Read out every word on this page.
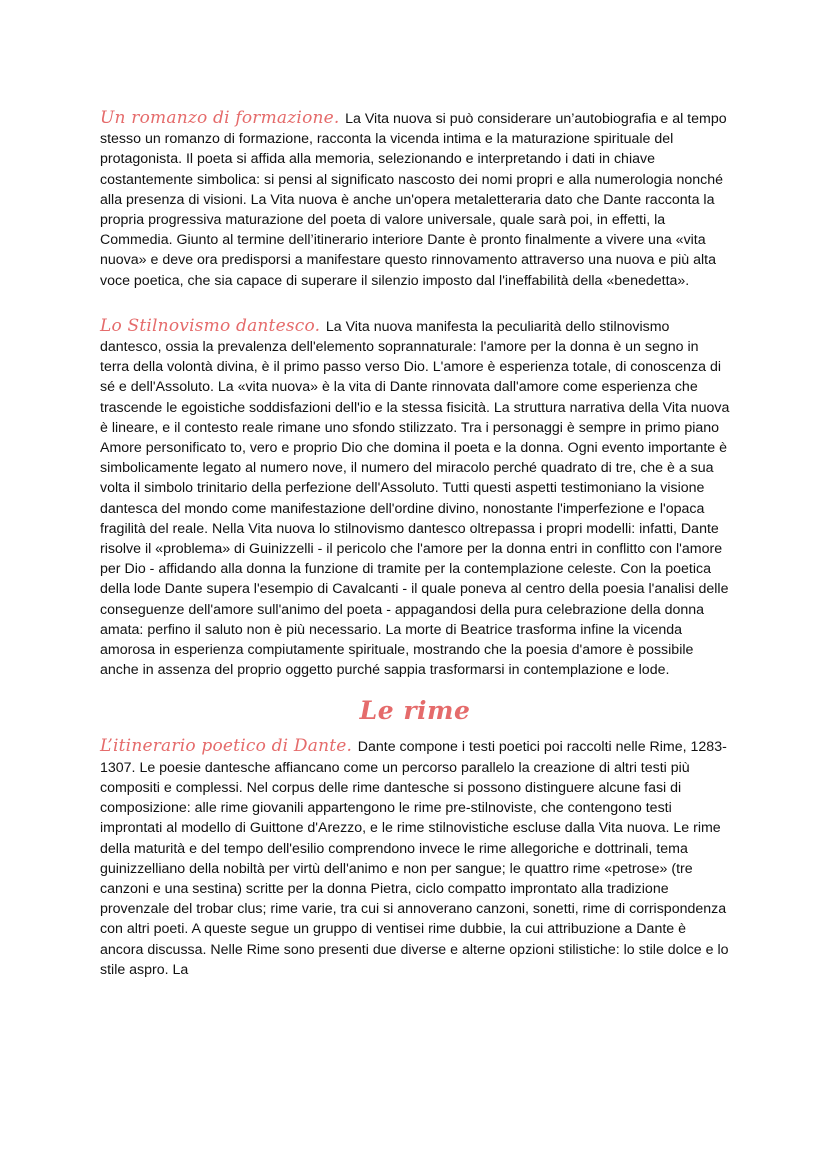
Un romanzo di formazione. La Vita nuova si può considerare un’autobiografia e al tempo stesso un romanzo di formazione, racconta la vicenda intima e la maturazione spirituale del protagonista. Il poeta si affida alla memoria, selezionando e interpretando i dati in chiave costantemente simbolica: si pensi al significato nascosto dei nomi propri e alla numerologia nonché alla presenza di visioni. La Vita nuova è anche un'opera metaletteraria dato che Dante racconta la propria progressiva maturazione del poeta di valore universale, quale sarà poi, in effetti, la Commedia. Giunto al termine dell’itinerario interiore Dante è pronto finalmente a vivere una «vita nuova» e deve ora predisporsi a manifestare questo rinnovamento attraverso una nuova e più alta voce poetica, che sia capace di superare il silenzio imposto dal l'ineffabilità della «benedetta».

Lo Stilnovismo dantesco. La Vita nuova manifesta la peculiarità dello stilnovismo dantesco, ossia la prevalenza dell'elemento soprannaturale: l'amore per la donna è un segno in terra della volontà divina, è il primo passo verso Dio. L'amore è esperienza totale, di conoscenza di sé e dell'Assoluto. La «vita nuova» è la vita di Dante rinnovata dall'amore come esperienza che trascende le egoistiche soddisfazioni dell'io e la stessa fisicità. La struttura narrativa della Vita nuova è lineare, e il contesto reale rimane uno sfondo stilizzato. Tra i personaggi è sempre in primo piano Amore personificato to, vero e proprio Dio che domina il poeta e la donna. Ogni evento importante è simbolicamente legato al numero nove, il numero del miracolo perché quadrato di tre, che è a sua volta il simbolo trinitario della perfezione dell'Assoluto. Tutti questi aspetti testimoniano la visione dantesca del mondo come manifestazione dell'ordine divino, nonostante l'imperfezione e l'opaca fragilità del reale. Nella Vita nuova lo stilnovismo dantesco oltrepassa i propri modelli: infatti, Dante risolve il «problema» di Guinizzelli - il pericolo che l'amore per la donna entri in conflitto con l'amore per Dio - affidando alla donna la funzione di tramite per la contemplazione celeste. Con la poetica della lode Dante supera l'esempio di Cavalcanti - il quale poneva al centro della poesia l'analisi delle conseguenze dell'amore sull'animo del poeta - appagandosi della pura celebrazione della donna amata: perfino il saluto non è più necessario. La morte di Beatrice trasforma infine la vicenda amorosa in esperienza compiutamente spirituale, mostrando che la poesia d'amore è possibile anche in assenza del proprio oggetto purché sappia trasformarsi in contemplazione e lode.

Le rime

L’itinerario poetico di Dante. Dante compone i testi poetici poi raccolti nelle Rime, 1283-1307. Le poesie dantesche affiancano come un percorso parallelo la creazione di altri testi più compositi e complessi. Nel corpus delle rime dantesche si possono distinguere alcune fasi di composizione: alle rime giovanili appartengono le rime pre-stilnoviste, che contengono testi improntati al modello di Guittone d'Arezzo, e le rime stilnovistiche escluse dalla Vita nuova. Le rime della maturità e del tempo dell'esilio comprendono invece le rime allegoriche e dottrinali, tema guinizzelliano della nobiltà per virtù dell'animo e non per sangue; le quattro rime «petrose» (tre canzoni e una sestina) scritte per la donna Pietra, ciclo compatto improntato alla tradizione provenzale del trobar clus; rime varie, tra cui si annoverano canzoni, sonetti, rime di corrispondenza con altri poeti. A queste segue un gruppo di ventisei rime dubbie, la cui attribuzione a Dante è ancora discussa. Nelle Rime sono presenti due diverse e alterne opzioni stilistiche: lo stile dolce e lo stile aspro. La
